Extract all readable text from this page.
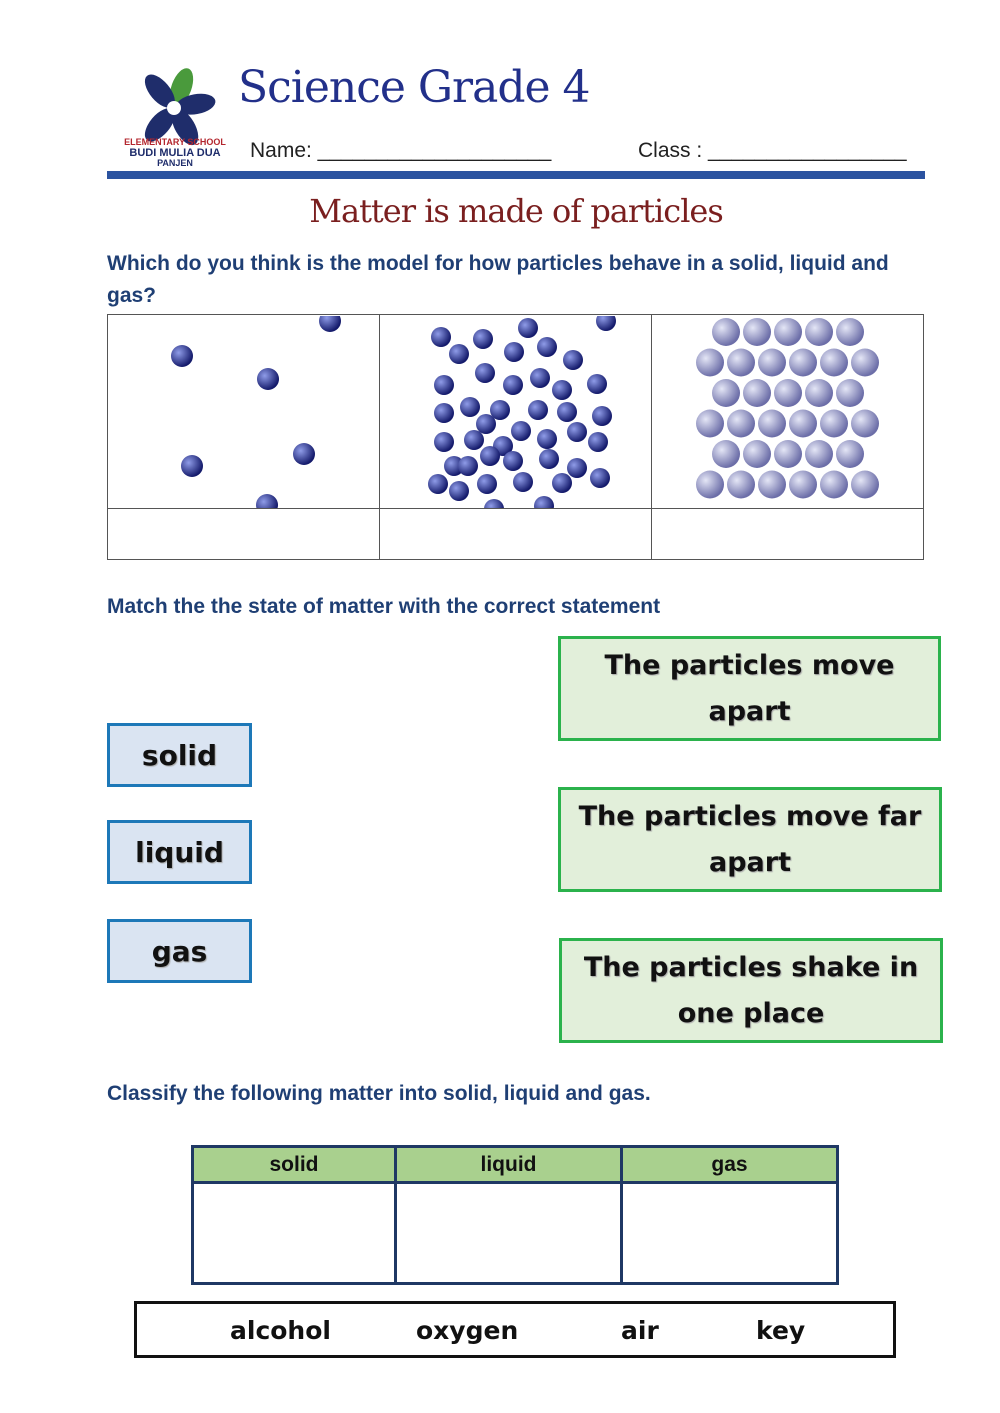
ELEMENTARY SCHOOL
BUDI MULIA DUA
PANJEN
Science Grade 4
Name: ____________________	Class : _________________
Matter is made of particles
Which do you think is the model for how particles behave in a solid, liquid and gas?
Match the the state of matter with the correct statement
solid
liquid
gas
The particles move apart
The particles move far apart
The particles shake in one place
Classify the following matter into solid, liquid and gas.
solid	liquid	gas

alcohol	oxygen	air	key
